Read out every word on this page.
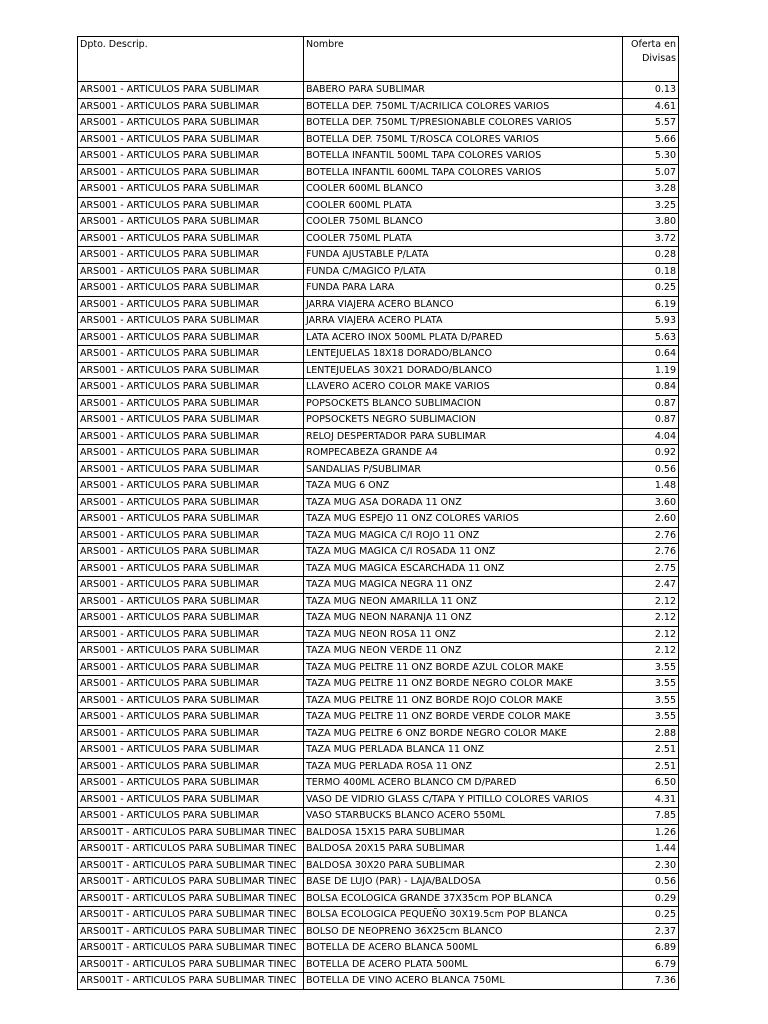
Dpto. Descrip.	Nombre	Oferta en Divisas
ARS001 - ARTICULOS PARA SUBLIMAR	BABERO PARA SUBLIMAR	0.13
ARS001 - ARTICULOS PARA SUBLIMAR	BOTELLA DEP. 750ML T/ACRILICA COLORES VARIOS	4.61
ARS001 - ARTICULOS PARA SUBLIMAR	BOTELLA DEP. 750ML T/PRESIONABLE COLORES VARIOS	5.57
ARS001 - ARTICULOS PARA SUBLIMAR	BOTELLA DEP. 750ML T/ROSCA COLORES VARIOS	5.66
ARS001 - ARTICULOS PARA SUBLIMAR	BOTELLA INFANTIL 500ML TAPA COLORES VARIOS	5.30
ARS001 - ARTICULOS PARA SUBLIMAR	BOTELLA INFANTIL 600ML TAPA COLORES VARIOS	5.07
ARS001 - ARTICULOS PARA SUBLIMAR	COOLER 600ML BLANCO	3.28
ARS001 - ARTICULOS PARA SUBLIMAR	COOLER 600ML PLATA	3.25
ARS001 - ARTICULOS PARA SUBLIMAR	COOLER 750ML BLANCO	3.80
ARS001 - ARTICULOS PARA SUBLIMAR	COOLER 750ML PLATA	3.72
ARS001 - ARTICULOS PARA SUBLIMAR	FUNDA AJUSTABLE P/LATA	0.28
ARS001 - ARTICULOS PARA SUBLIMAR	FUNDA C/MAGICO P/LATA	0.18
ARS001 - ARTICULOS PARA SUBLIMAR	FUNDA PARA LARA	0.25
ARS001 - ARTICULOS PARA SUBLIMAR	JARRA VIAJERA ACERO BLANCO	6.19
ARS001 - ARTICULOS PARA SUBLIMAR	JARRA VIAJERA ACERO PLATA	5.93
ARS001 - ARTICULOS PARA SUBLIMAR	LATA ACERO INOX 500ML PLATA D/PARED	5.63
ARS001 - ARTICULOS PARA SUBLIMAR	LENTEJUELAS 18X18 DORADO/BLANCO	0.64
ARS001 - ARTICULOS PARA SUBLIMAR	LENTEJUELAS 30X21 DORADO/BLANCO	1.19
ARS001 - ARTICULOS PARA SUBLIMAR	LLAVERO ACERO COLOR MAKE VARIOS	0.84
ARS001 - ARTICULOS PARA SUBLIMAR	POPSOCKETS BLANCO SUBLIMACION	0.87
ARS001 - ARTICULOS PARA SUBLIMAR	POPSOCKETS NEGRO SUBLIMACION	0.87
ARS001 - ARTICULOS PARA SUBLIMAR	RELOJ DESPERTADOR PARA SUBLIMAR	4.04
ARS001 - ARTICULOS PARA SUBLIMAR	ROMPECABEZA GRANDE A4	0.92
ARS001 - ARTICULOS PARA SUBLIMAR	SANDALIAS P/SUBLIMAR	0.56
ARS001 - ARTICULOS PARA SUBLIMAR	TAZA MUG 6 ONZ	1.48
ARS001 - ARTICULOS PARA SUBLIMAR	TAZA MUG ASA DORADA 11 ONZ	3.60
ARS001 - ARTICULOS PARA SUBLIMAR	TAZA MUG ESPEJO 11 ONZ COLORES VARIOS	2.60
ARS001 - ARTICULOS PARA SUBLIMAR	TAZA MUG MAGICA C/I ROJO 11 ONZ	2.76
ARS001 - ARTICULOS PARA SUBLIMAR	TAZA MUG MAGICA C/I ROSADA 11 ONZ	2.76
ARS001 - ARTICULOS PARA SUBLIMAR	TAZA MUG MAGICA ESCARCHADA 11 ONZ	2.75
ARS001 - ARTICULOS PARA SUBLIMAR	TAZA MUG MAGICA NEGRA 11 ONZ	2.47
ARS001 - ARTICULOS PARA SUBLIMAR	TAZA MUG NEON AMARILLA 11 ONZ	2.12
ARS001 - ARTICULOS PARA SUBLIMAR	TAZA MUG NEON NARANJA 11 ONZ	2.12
ARS001 - ARTICULOS PARA SUBLIMAR	TAZA MUG NEON ROSA 11 ONZ	2.12
ARS001 - ARTICULOS PARA SUBLIMAR	TAZA MUG NEON VERDE 11 ONZ	2.12
ARS001 - ARTICULOS PARA SUBLIMAR	TAZA MUG PELTRE 11 ONZ BORDE AZUL COLOR MAKE	3.55
ARS001 - ARTICULOS PARA SUBLIMAR	TAZA MUG PELTRE 11 ONZ BORDE NEGRO COLOR MAKE	3.55
ARS001 - ARTICULOS PARA SUBLIMAR	TAZA MUG PELTRE 11 ONZ BORDE ROJO COLOR MAKE	3.55
ARS001 - ARTICULOS PARA SUBLIMAR	TAZA MUG PELTRE 11 ONZ BORDE VERDE COLOR MAKE	3.55
ARS001 - ARTICULOS PARA SUBLIMAR	TAZA MUG PELTRE 6 ONZ BORDE NEGRO COLOR MAKE	2.88
ARS001 - ARTICULOS PARA SUBLIMAR	TAZA MUG PERLADA BLANCA 11 ONZ	2.51
ARS001 - ARTICULOS PARA SUBLIMAR	TAZA MUG PERLADA ROSA 11 ONZ	2.51
ARS001 - ARTICULOS PARA SUBLIMAR	TERMO 400ML ACERO BLANCO CM D/PARED	6.50
ARS001 - ARTICULOS PARA SUBLIMAR	VASO DE VIDRIO GLASS C/TAPA Y PITILLO COLORES VARIOS	4.31
ARS001 - ARTICULOS PARA SUBLIMAR	VASO STARBUCKS BLANCO ACERO 550ML	7.85
ARS001T - ARTICULOS PARA SUBLIMAR TINEC	BALDOSA 15X15 PARA SUBLIMAR	1.26
ARS001T - ARTICULOS PARA SUBLIMAR TINEC	BALDOSA 20X15 PARA SUBLIMAR	1.44
ARS001T - ARTICULOS PARA SUBLIMAR TINEC	BALDOSA 30X20 PARA SUBLIMAR	2.30
ARS001T - ARTICULOS PARA SUBLIMAR TINEC	BASE DE LUJO (PAR) - LAJA/BALDOSA	0.56
ARS001T - ARTICULOS PARA SUBLIMAR TINEC	BOLSA ECOLOGICA GRANDE 37X35cm POP BLANCA	0.29
ARS001T - ARTICULOS PARA SUBLIMAR TINEC	BOLSA ECOLOGICA PEQUEÑO 30X19.5cm POP BLANCA	0.25
ARS001T - ARTICULOS PARA SUBLIMAR TINEC	BOLSO DE NEOPRENO 36X25cm BLANCO	2.37
ARS001T - ARTICULOS PARA SUBLIMAR TINEC	BOTELLA DE ACERO BLANCA 500ML	6.89
ARS001T - ARTICULOS PARA SUBLIMAR TINEC	BOTELLA DE ACERO PLATA 500ML	6.79
ARS001T - ARTICULOS PARA SUBLIMAR TINEC	BOTELLA DE VINO ACERO BLANCA 750ML	7.36
